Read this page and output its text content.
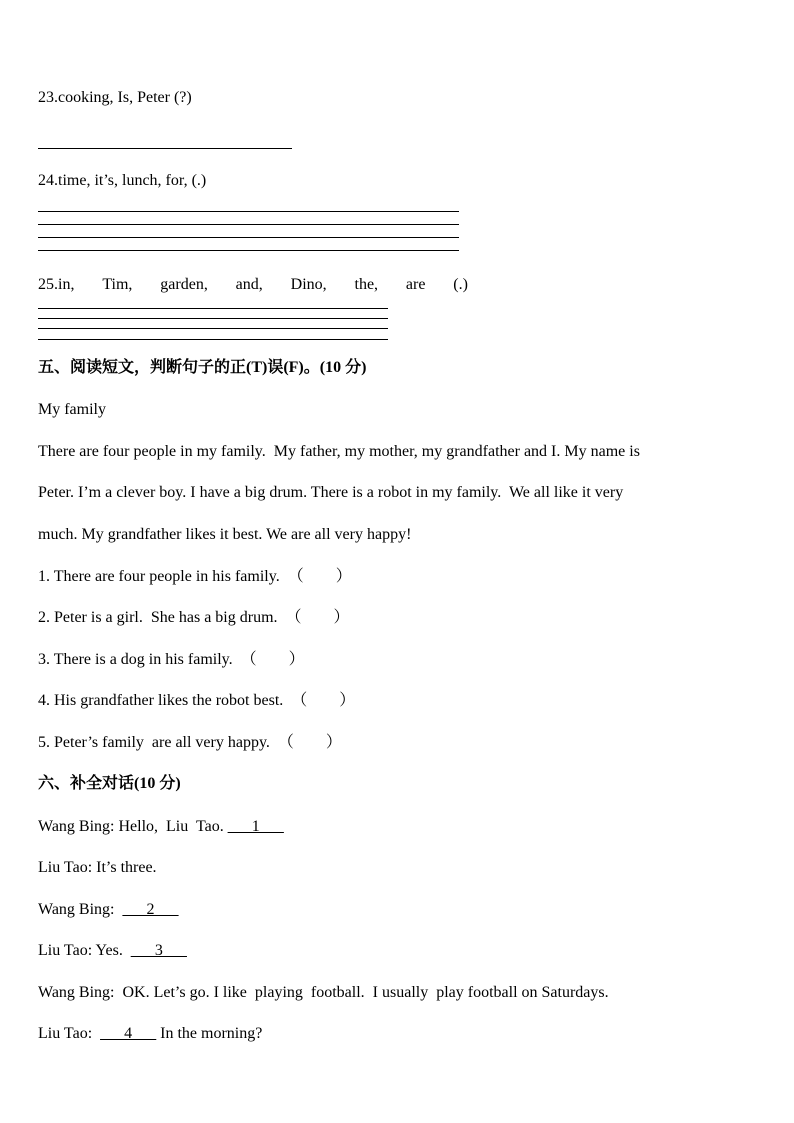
23.cooking, Is, Peter (?)
24.time, it’s, lunch, for, (.)
25.in, Tim, garden, and, Dino, the, are (.)
五、阅读短文，判断句子的正(T)误(F)。(10 分)
My family
There are four people in my family.  My father, my mother, my grandfather and I. My name is
Peter. I’m a clever boy. I have a big drum. There is a robot in my family.  We all like it very
much. My grandfather likes it best. We are all very happy!
1. There are four people in his family.  （        ）
2. Peter is a girl.  She has a big drum.  （        ）
3. There is a dog in his family.  （        ）
4. His grandfather likes the robot best.  （        ）
5. Peter’s family  are all very happy.  （        ）
六、补全对话(10 分)
Wang Bing: Hello,  Liu  Tao. ___1___
Liu Tao: It’s three.
Wang Bing:  ___2___
Liu Tao: Yes.  ___3___
Wang Bing:  OK. Let’s go. I like  playing  football.  I usually  play football on Saturdays.
Liu Tao:  ___4___ In the morning?
